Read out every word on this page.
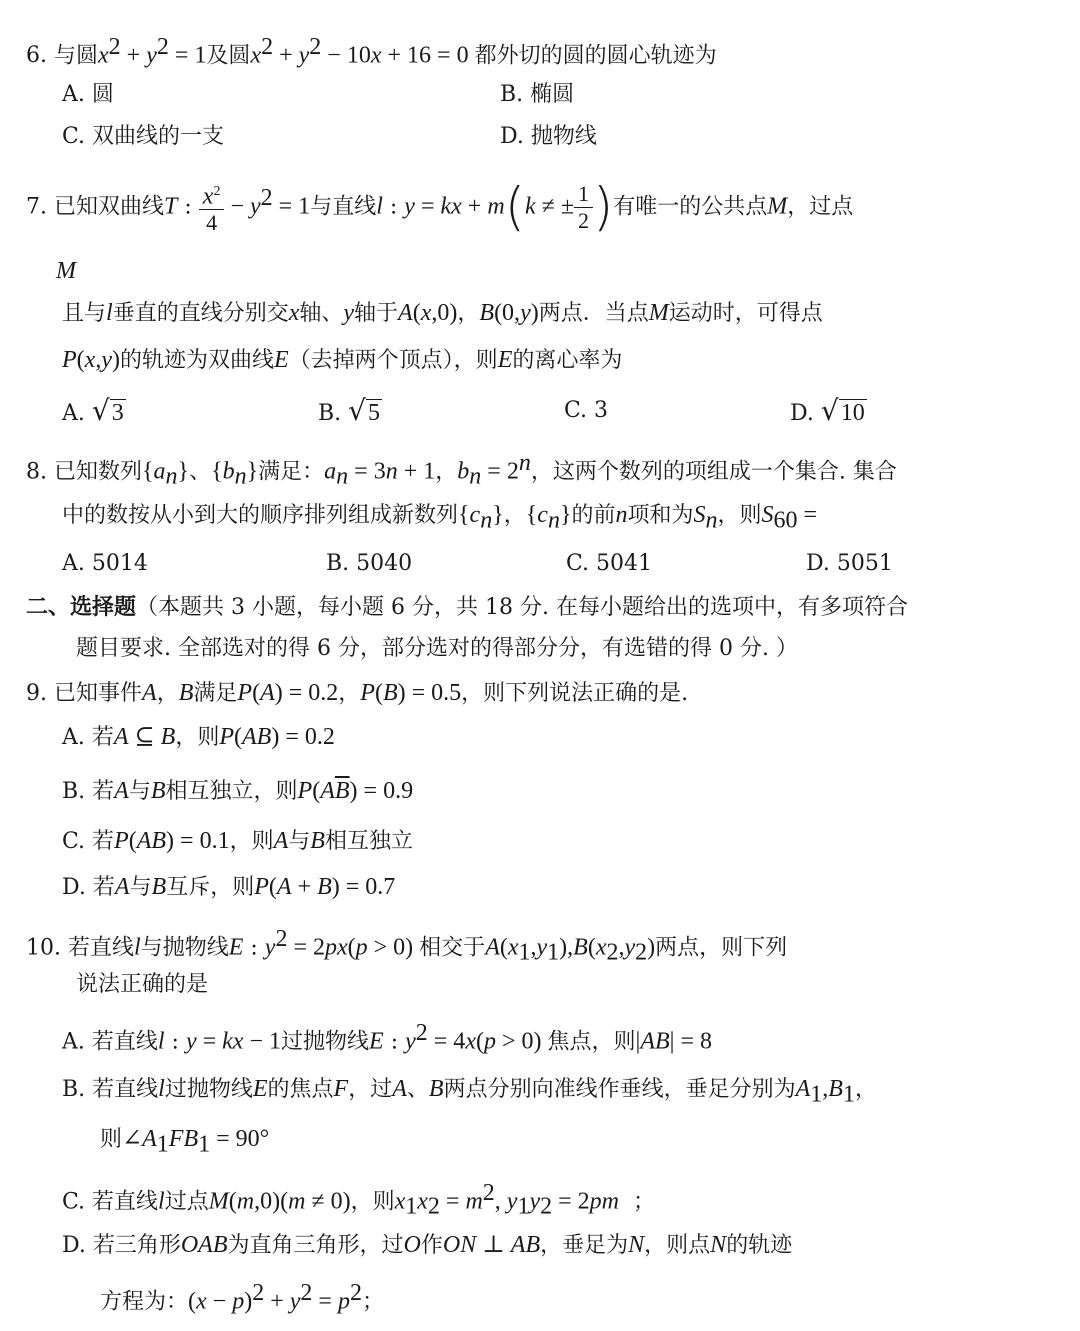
6. 与圆$x^2 + y^2 = 1$及圆$x^2 + y^2 - 10x + 16 = 0$ 都外切的圆的圆心轨迹为
A. 圆	B. 椭圆
C. 双曲线的一支	D. 抛物线
7. 已知双曲线T : $\frac{x^2}{4} - y^2 = 1$与直线l : y = kx + m(k ≠ ± $\frac{1}{2}$ )有唯一的公共点M，过点
M
且与l垂直的直线分别交x轴、y轴于A(x,0)，B(0,y)两点．当点M运动时，可得点
P(x,y)的轨迹为双曲线E（去掉两个顶点），则E的离心率为
A. √3	B. √5	C. 3	D. √10
8. 已知数列$\{a_n\}$、$\{b_n\}$满足：$a_n = 3n + 1$，$b_n = 2^n$，这两个数列的项组成一个集合. 集合
中的数按从小到大的顺序排列组成新数列$\{c_n\}$，$\{c_n\}$的前n项和为$S_n$，则$S_{60}$ =
A. 5014	B. 5040	C. 5041	D. 5051
二、选择题（本题共 3 小题，每小题 6 分，共 18 分. 在每小题给出的选项中，有多项符合
题目要求. 全部选对的得 6 分，部分选对的得部分分，有选错的得 0 分. ）
9. 已知事件A，B满足P(A) = 0.2，P(B) = 0.5，则下列说法正确的是.
A. 若A ⊆ B，则P(AB) = 0.2
B. 若A与B相互独立，则$P(A\overline{B}) = 0.9$
C. 若P(AB) = 0.1，则A与B相互独立
D. 若A与B互斥，则P(A + B) = 0.7
10. 若直线l与抛物线E : $y^2 = 2px(p > 0)$ 相交于$A(x_1,y_1),B(x_2,y_2)$两点，则下列
说法正确的是
A. 若直线l : y = kx − 1过抛物线E : $y^2 = 4x(p > 0)$ 焦点，则|AB| = 8
B. 若直线l过抛物线E的焦点F，过A、B两点分别向准线作垂线，垂足分别为$A_1,B_1$，
则$\angle A_1FB_1 = 90^\circ$
C. 若直线l过点M(m,0)(m ≠ 0)，则$x_1x_2 = m^2$, $y_1y_2 = 2pm$ ；
D. 若三角形OAB为直角三角形，过O作ON ⊥ AB，垂足为N，则点N的轨迹
方程为：$(x - p)^2 + y^2 = p^2$；
